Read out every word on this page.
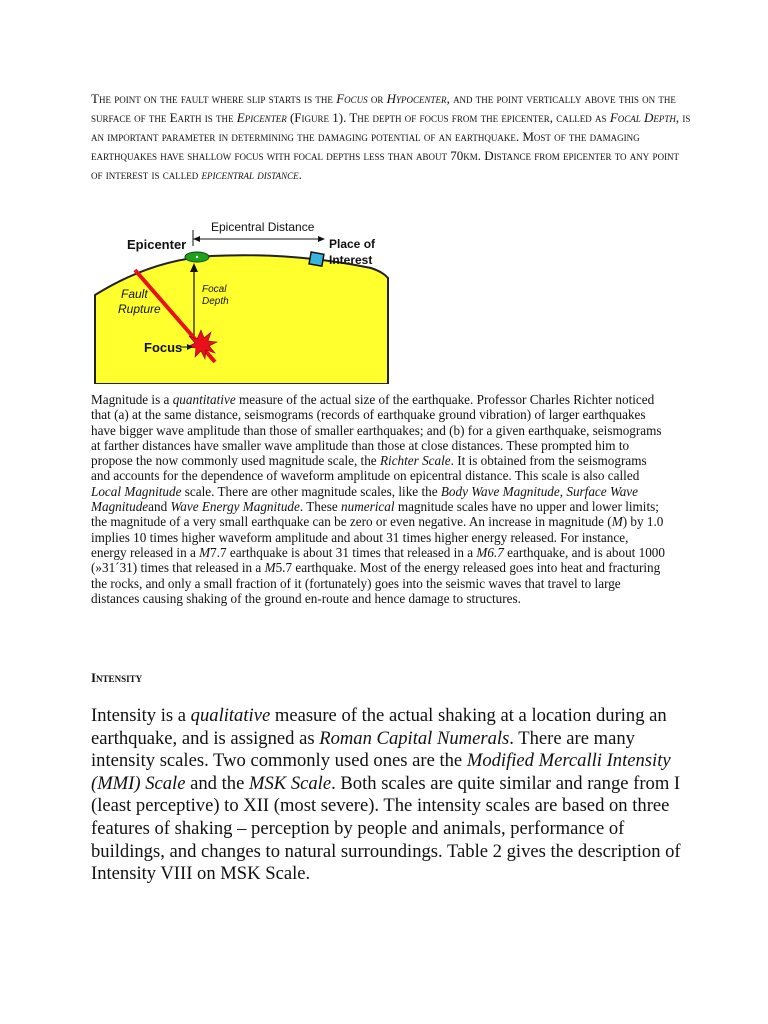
The point on the fault where slip starts is the Focus or Hypocenter, and the point vertically above this on the surface of the Earth is the Epicenter (Figure 1). The depth of focus from the epicenter, called as Focal Depth, is an important parameter in determining the damaging potential of an earthquake. Most of the damaging earthquakes have shallow focus with focal depths less than about 70km. Distance from epicenter to any point of interest is called epicentral distance.

Epicentral Distance
Epicenter	Place of
Interest
Focal
Depth
Fault
Rupture
Focus

Magnitude is a quantitative measure of the actual size of the earthquake. Professor Charles Richter noticed that (a) at the same distance, seismograms (records of earthquake ground vibration) of larger earthquakes have bigger wave amplitude than those of smaller earthquakes; and (b) for a given earthquake, seismograms at farther distances have smaller wave amplitude than those at close distances. These prompted him to propose the now commonly used magnitude scale, the Richter Scale. It is obtained from the seismograms and accounts for the dependence of waveform amplitude on epicentral distance. This scale is also called Local Magnitude scale. There are other magnitude scales, like the Body Wave Magnitude, Surface Wave Magnitudeand Wave Energy Magnitude. These numerical magnitude scales have no upper and lower limits; the magnitude of a very small earthquake can be zero or even negative. An increase in magnitude (M) by 1.0 implies 10 times higher waveform amplitude and about 31 times higher energy released. For instance, energy released in a M7.7 earthquake is about 31 times that released in a M6.7 earthquake, and is about 1000 (»31´31) times that released in a M5.7 earthquake. Most of the energy released goes into heat and fracturing the rocks, and only a small fraction of it (fortunately) goes into the seismic waves that travel to large distances causing shaking of the ground en-route and hence damage to structures.

Intensity

Intensity is a qualitative measure of the actual shaking at a location during an earthquake, and is assigned as Roman Capital Numerals. There are many intensity scales. Two commonly used ones are the Modified Mercalli Intensity (MMI) Scale and the MSK Scale. Both scales are quite similar and range from I (least perceptive) to XII (most severe). The intensity scales are based on three features of shaking – perception by people and animals, performance of buildings, and changes to natural surroundings. Table 2 gives the description of Intensity VIII on MSK Scale.
